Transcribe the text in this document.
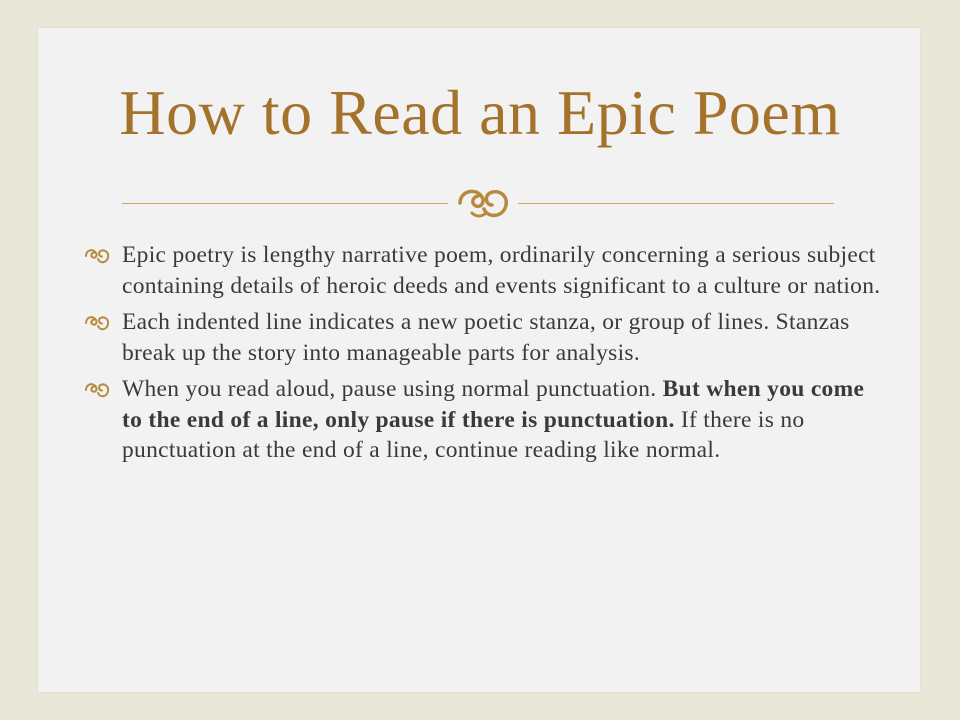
How to Read an Epic Poem
Epic poetry is lengthy narrative poem, ordinarily concerning a serious subject containing details of heroic deeds and events significant to a culture or nation.
Each indented line indicates a new poetic stanza, or group of lines. Stanzas break up the story into manageable parts for analysis.
When you read aloud, pause using normal punctuation. But when you come to the end of a line, only pause if there is punctuation. If there is no punctuation at the end of a line, continue reading like normal.
